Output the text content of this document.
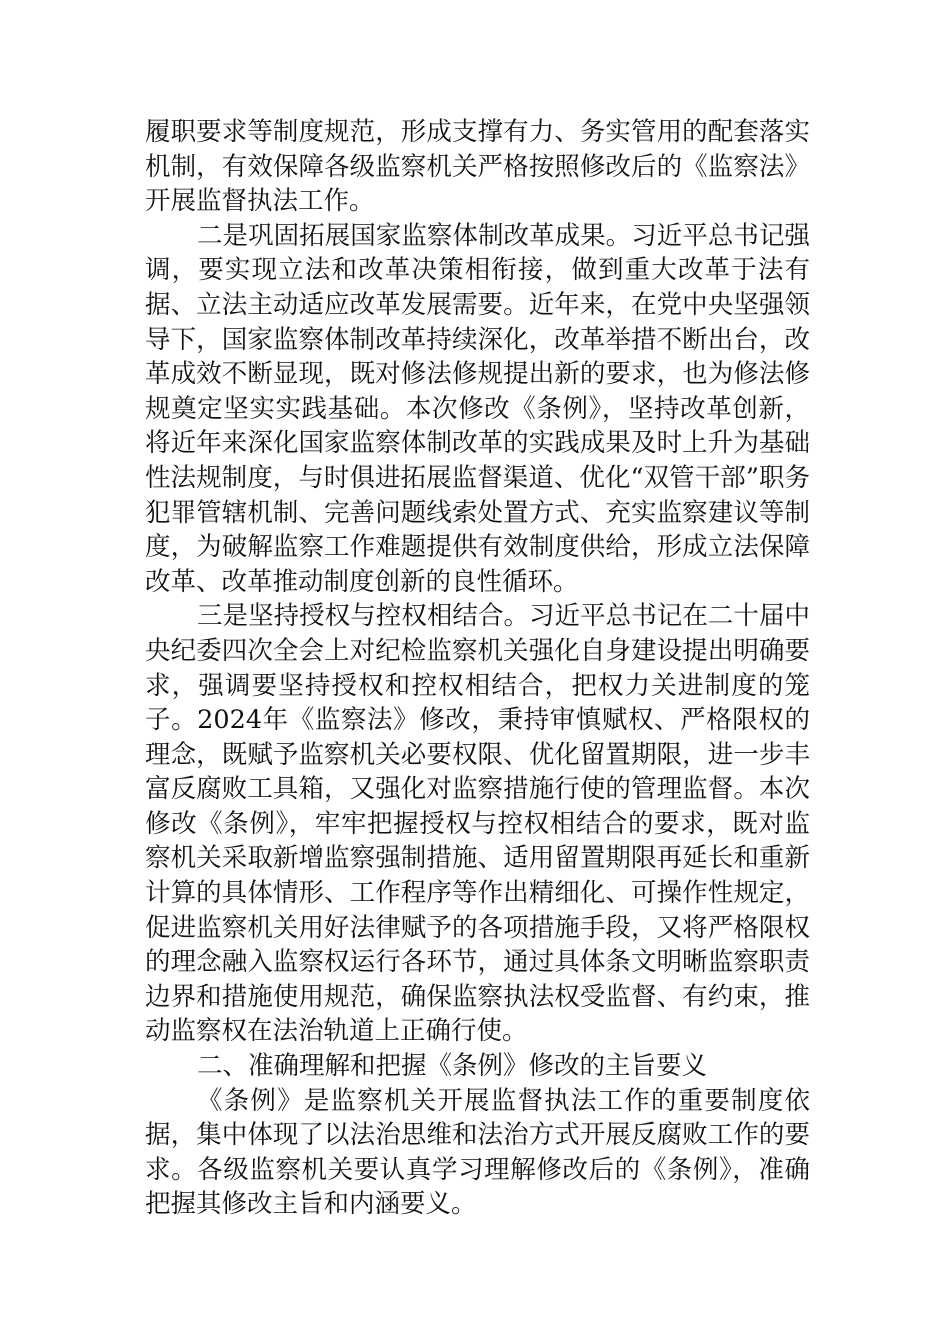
履职要求等制度规范，形成支撑有力、务实管用的配套落实机制，有效保障各级监察机关严格按照修改后的《监察法》开展监督执法工作。

二是巩固拓展国家监察体制改革成果。习近平总书记强调，要实现立法和改革决策相衔接，做到重大改革于法有据、立法主动适应改革发展需要。近年来，在党中央坚强领导下，国家监察体制改革持续深化，改革举措不断出台，改革成效不断显现，既对修法修规提出新的要求，也为修法修规奠定坚实实践基础。本次修改《条例》，坚持改革创新，将近年来深化国家监察体制改革的实践成果及时上升为基础性法规制度，与时俱进拓展监督渠道、优化“双管干部”职务犯罪管辖机制、完善问题线索处置方式、充实监察建议等制度，为破解监察工作难题提供有效制度供给，形成立法保障改革、改革推动制度创新的良性循环。

三是坚持授权与控权相结合。习近平总书记在二十届中央纪委四次全会上对纪检监察机关强化自身建设提出明确要求，强调要坚持授权和控权相结合，把权力关进制度的笼子。2024年《监察法》修改，秉持审慎赋权、严格限权的理念，既赋予监察机关必要权限、优化留置期限，进一步丰富反腐败工具箱，又强化对监察措施行使的管理监督。本次修改《条例》，牢牢把握授权与控权相结合的要求，既对监察机关采取新增监察强制措施、适用留置期限再延长和重新计算的具体情形、工作程序等作出精细化、可操作性规定，促进监察机关用好法律赋予的各项措施手段，又将严格限权的理念融入监察权运行各环节，通过具体条文明晰监察职责边界和措施使用规范，确保监察执法权受监督、有约束，推动监察权在法治轨道上正确行使。

二、准确理解和把握《条例》修改的主旨要义

《条例》是监察机关开展监督执法工作的重要制度依据，集中体现了以法治思维和法治方式开展反腐败工作的要求。各级监察机关要认真学习理解修改后的《条例》，准确把握其修改主旨和内涵要义。
